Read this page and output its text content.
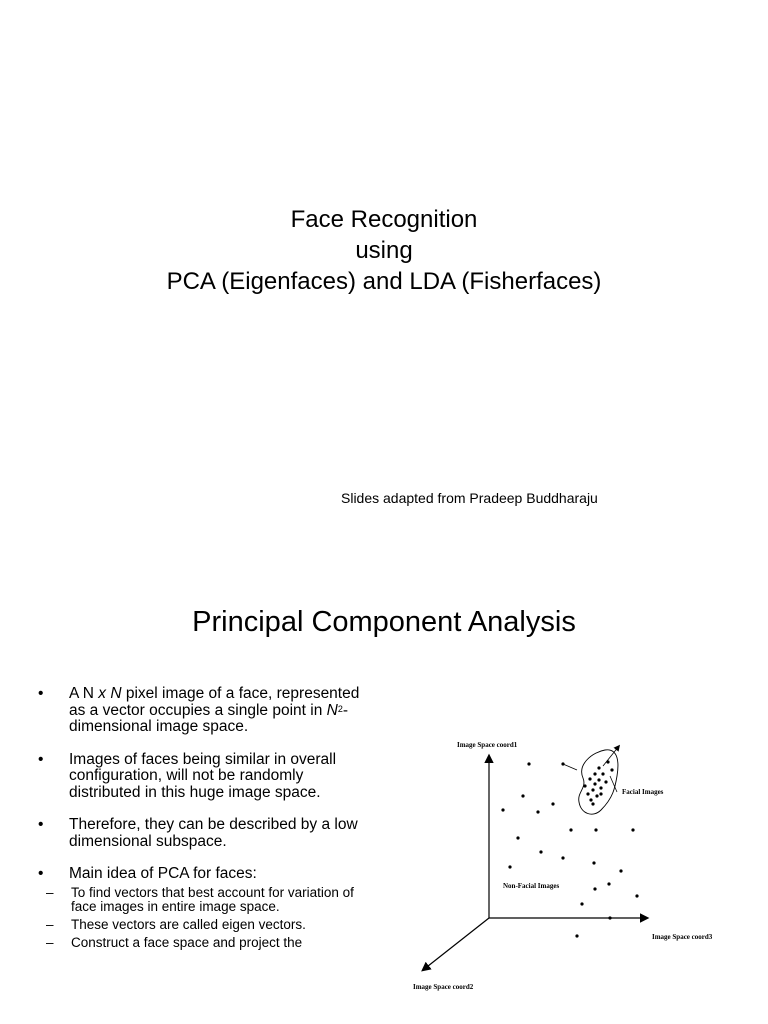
Face Recognition
using
PCA (Eigenfaces) and LDA (Fisherfaces)
Slides adapted from Pradeep Buddharaju
Principal Component Analysis
• A N x N pixel image of a face, represented as a vector occupies a single point in $N^2$-dimensional image space.
• Images of faces being similar in overall configuration, will not be randomly distributed in this huge image space.
• Therefore, they can be described by a low dimensional subspace.
• Main idea of PCA for faces:
– To find vectors that best account for variation of face images in entire image space.
– These vectors are called eigen vectors.
– Construct a face space and project the
Image Space coord1
Image Space coord3
Image Space coord2
Facial Images
Non-Facial Images
